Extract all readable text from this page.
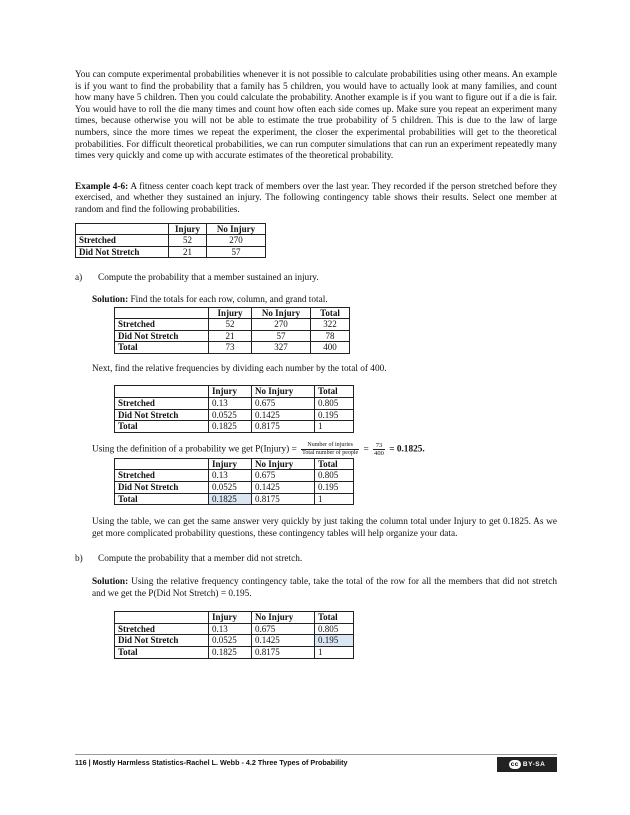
You can compute experimental probabilities whenever it is not possible to calculate probabilities using other means. An example is if you want to find the probability that a family has 5 children, you would have to actually look at many families, and count how many have 5 children. Then you could calculate the probability. Another example is if you want to figure out if a die is fair. You would have to roll the die many times and count how often each side comes up. Make sure you repeat an experiment many times, because otherwise you will not be able to estimate the true probability of 5 children. This is due to the law of large numbers, since the more times we repeat the experiment, the closer the experimental probabilities will get to the theoretical probabilities. For difficult theoretical probabilities, we can run computer simulations that can run an experiment repeatedly many times very quickly and come up with accurate estimates of the theoretical probability.

Example 4-6: A fitness center coach kept track of members over the last year. They recorded if the person stretched before they exercised, and whether they sustained an injury. The following contingency table shows their results. Select one member at random and find the following probabilities.

	Injury	No Injury
Stretched	52	270
Did Not Stretch	21	57
a) Compute the probability that a member sustained an injury.

Solution: Find the totals for each row, column, and grand total.

	Injury	No Injury	Total
Stretched	52	270	322
Did Not Stretch	21	57	78
Total	73	327	400

Next, find the relative frequencies by dividing each number by the total of 400.

	Injury	No Injury	Total
Stretched	0.13	0.675	0.805
Did Not Stretch	0.0525	0.1425	0.195
Total	0.1825	0.8175	1

Using the definition of a probability we get P(Injury) = $\frac{\text{Number of injuries}}{\text{Total number of people}} = \frac{73}{400} = 0.1825$.

	Injury	No Injury	Total
Stretched	0.13	0.675	0.805
Did Not Stretch	0.0525	0.1425	0.195
Total	0.1825	0.8175	1

Using the table, we can get the same answer very quickly by just taking the column total under Injury to get 0.1825. As we get more complicated probability questions, these contingency tables will help organize your data.

b) Compute the probability that a member did not stretch.

Solution: Using the relative frequency contingency table, take the total of the row for all the members that did not stretch and we get the P(Did Not Stretch) = 0.195.

	Injury	No Injury	Total
Stretched	0.13	0.675	0.805
Did Not Stretch	0.0525	0.1425	0.195
Total	0.1825	0.8175	1
116 | Mostly Harmless Statistics-Rachel L. Webb - 4.2 Three Types of Probability	cc BY-SA
